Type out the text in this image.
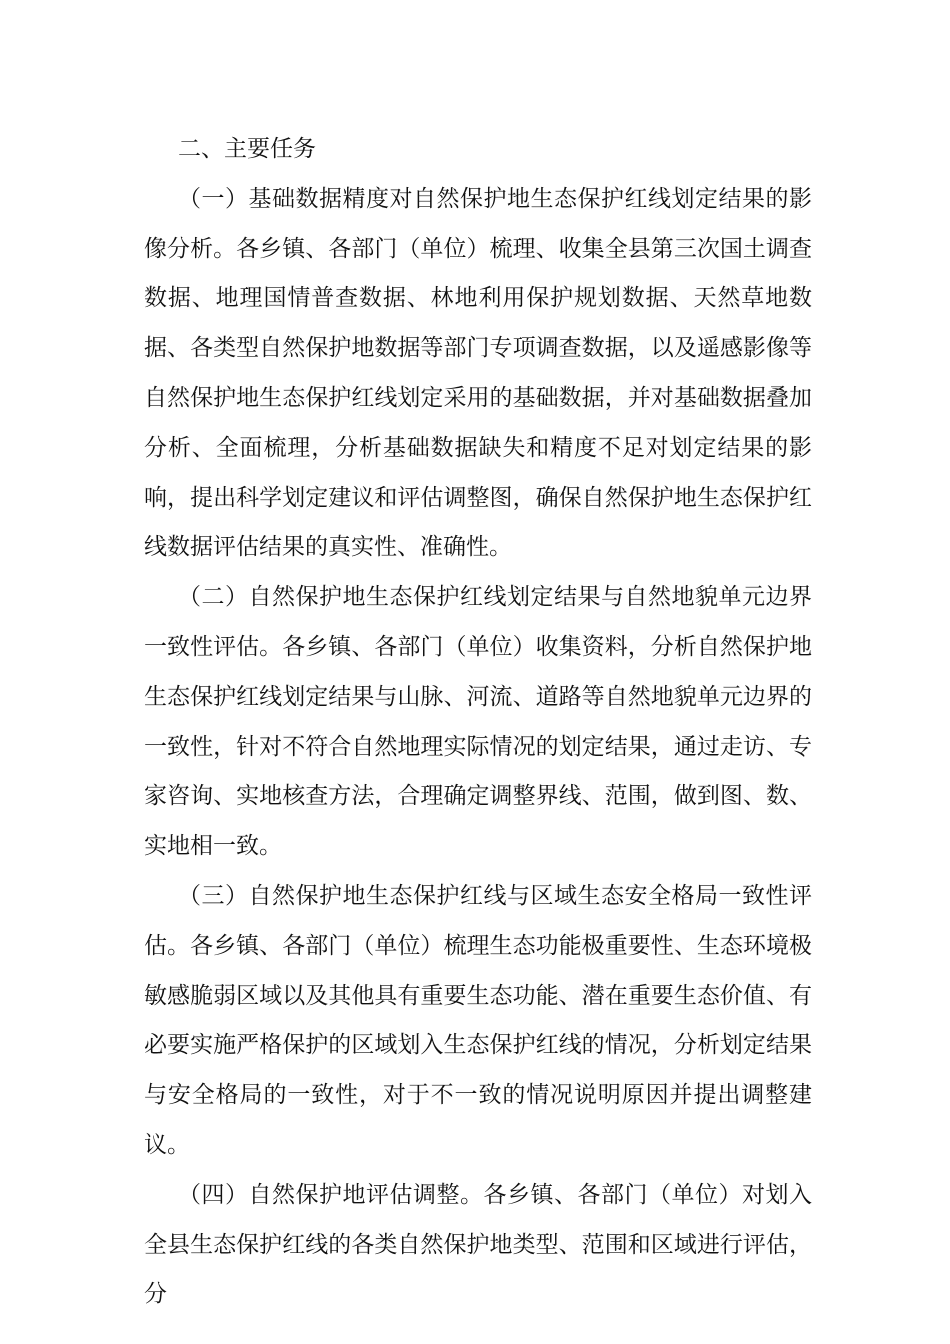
二、主要任务

（一）基础数据精度对自然保护地生态保护红线划定结果的影像分析。各乡镇、各部门（单位）梳理、收集全县第三次国土调查数据、地理国情普查数据、林地利用保护规划数据、天然草地数据、各类型自然保护地数据等部门专项调查数据，以及遥感影像等自然保护地生态保护红线划定采用的基础数据，并对基础数据叠加分析、全面梳理，分析基础数据缺失和精度不足对划定结果的影响，提出科学划定建议和评估调整图，确保自然保护地生态保护红线数据评估结果的真实性、准确性。

（二）自然保护地生态保护红线划定结果与自然地貌单元边界一致性评估。各乡镇、各部门（单位）收集资料，分析自然保护地生态保护红线划定结果与山脉、河流、道路等自然地貌单元边界的一致性，针对不符合自然地理实际情况的划定结果，通过走访、专家咨询、实地核查方法，合理确定调整界线、范围，做到图、数、实地相一致。

（三）自然保护地生态保护红线与区域生态安全格局一致性评估。各乡镇、各部门（单位）梳理生态功能极重要性、生态环境极敏感脆弱区域以及其他具有重要生态功能、潜在重要生态价值、有必要实施严格保护的区域划入生态保护红线的情况，分析划定结果与安全格局的一致性，对于不一致的情况说明原因并提出调整建议。

（四）自然保护地评估调整。各乡镇、各部门（单位）对划入全县生态保护红线的各类自然保护地类型、范围和区域进行评估，分
